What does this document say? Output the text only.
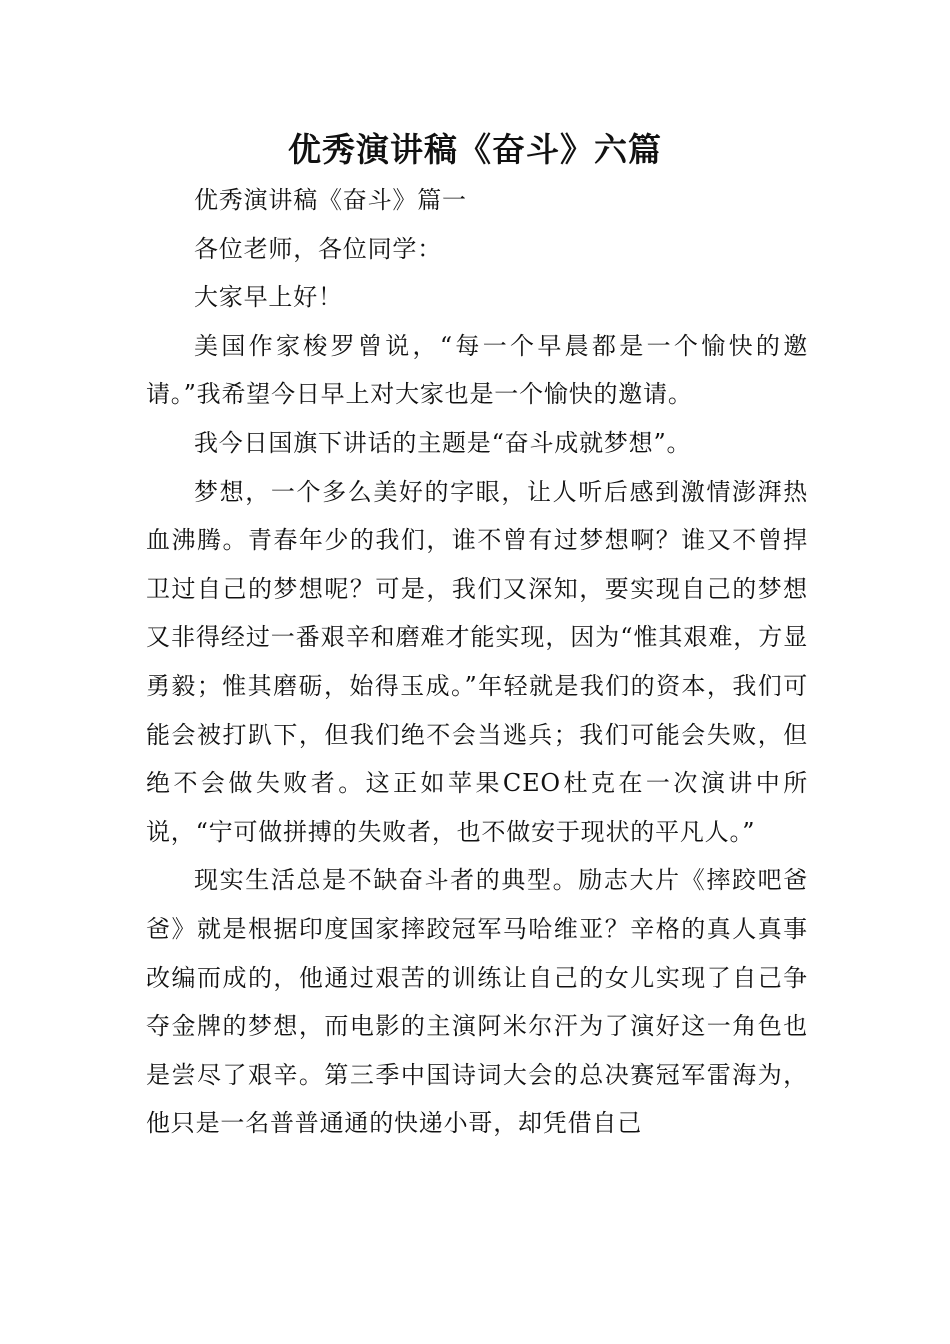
优秀演讲稿《奋斗》六篇

优秀演讲稿《奋斗》篇一

各位老师，各位同学：

大家早上好！

美国作家梭罗曾说，“每一个早晨都是一个愉快的邀请。”我希望今日早上对大家也是一个愉快的邀请。

我今日国旗下讲话的主题是“奋斗成就梦想”。

梦想，一个多么美好的字眼，让人听后感到激情澎湃热血沸腾。青春年少的我们，谁不曾有过梦想啊？谁又不曾捍卫过自己的梦想呢？可是，我们又深知，要实现自己的梦想又非得经过一番艰辛和磨难才能实现，因为“惟其艰难，方显勇毅；惟其磨砺，始得玉成。”年轻就是我们的资本，我们可能会被打趴下，但我们绝不会当逃兵；我们可能会失败，但绝不会做失败者。这正如苹果CEO杜克在一次演讲中所说，“宁可做拼搏的失败者，也不做安于现状的平凡人。”

现实生活总是不缺奋斗者的典型。励志大片《摔跤吧爸爸》就是根据印度国家摔跤冠军马哈维亚？辛格的真人真事改编而成的，他通过艰苦的训练让自己的女儿实现了自己争夺金牌的梦想，而电影的主演阿米尔汗为了演好这一角色也是尝尽了艰辛。第三季中国诗词大会的总决赛冠军雷海为，他只是一名普普通通的快递小哥，却凭借自己
